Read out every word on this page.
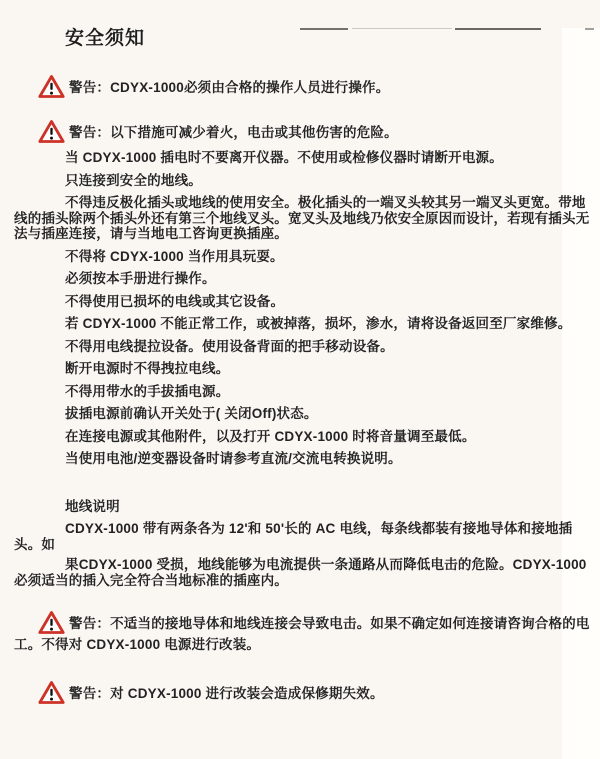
安全须知

警告：CDYX-1000必须由合格的操作人员进行操作。

警告：以下措施可减少着火，电击或其他伤害的危险。

当 CDYX-1000 插电时不要离开仪器。不使用或检修仪器时请断开电源。

只连接到安全的地线。

不得违反极化插头或地线的使用安全。极化插头的一端叉头较其另一端叉头更宽。带地线的插头除两个插头外还有第三个地线叉头。宽叉头及地线乃依安全原因而设计，若现有插头无法与插座连接，请与当地电工咨询更换插座。

不得将 CDYX-1000 当作用具玩耍。

必须按本手册进行操作。

不得使用已损坏的电线或其它设备。

若 CDYX-1000 不能正常工作，或被掉落，损坏，渗水，请将设备返回至厂家维修。

不得用电线提拉设备。使用设备背面的把手移动设备。

断开电源时不得拽拉电线。

不得用带水的手拔插电源。

拔插电源前确认开关处于( 关闭Off)状态。

在连接电源或其他附件，以及打开 CDYX-1000 时将音量调至最低。

当使用电池/逆变器设备时请参考直流/交流电转换说明。

地线说明

CDYX-1000 带有两条各为 12'和 50'长的 AC 电线，每条线都装有接地导体和接地插头。如

果CDYX-1000 受损，地线能够为电流提供一条通路从而降低电击的危险。CDYX-1000 必须适当的插入完全符合当地标准的插座内。

警告：不适当的接地导体和地线连接会导致电击。如果不确定如何连接请咨询合格的电工。不得对 CDYX-1000 电源进行改装。

警告：对 CDYX-1000 进行改装会造成保修期失效。
